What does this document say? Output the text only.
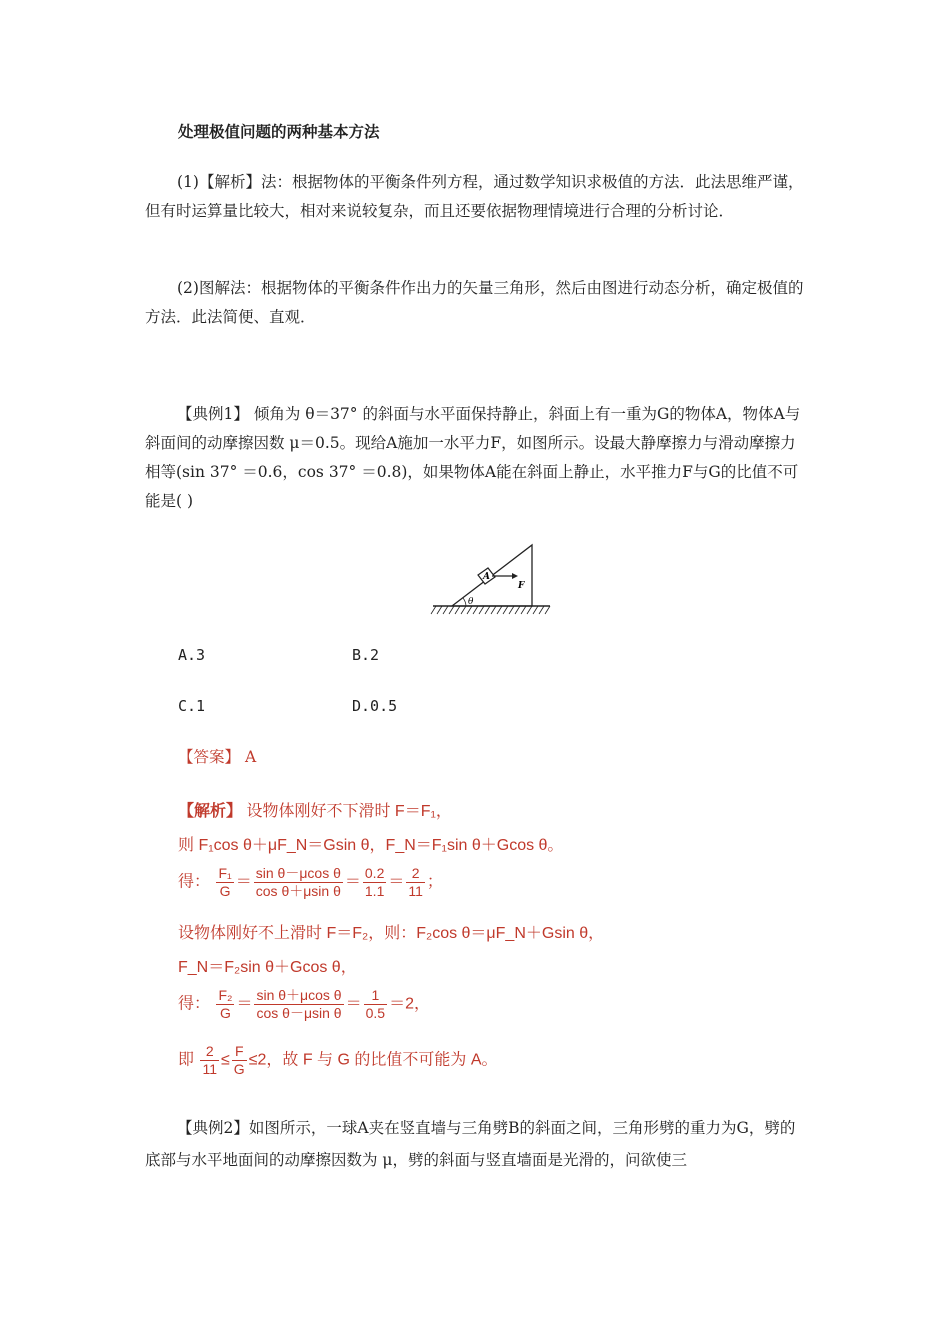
处理极值问题的两种基本方法
(1)【解析】法：根据物体的平衡条件列方程，通过数学知识求极值的方法．此法思维严谨，但有时运算量比较大，相对来说较复杂，而且还要依据物理情境进行合理的分析讨论．
(2)图解法：根据物体的平衡条件作出力的矢量三角形，然后由图进行动态分析，确定极值的方法．此法简便、直观．
【典例1】 倾角为 θ＝37° 的斜面与水平面保持静止，斜面上有一重为G的物体A，物体A与斜面间的动摩擦因数 μ＝0.5。现给A施加一水平力F，如图所示。设最大静摩擦力与滑动摩擦力相等(sin 37° ＝0.6，cos 37° ＝0.8)，如果物体A能在斜面上静止，水平推力F与G的比值不可能是( )
θ
A
F
A.3	B.2
C.1	D.0.5
【答案】 A
【解析】 设物体刚好不下滑时 F＝F₁，
则 F₁cos θ＋μF_N＝Gsin θ，F_N＝F₁sin θ＋Gcos θ。
得： $\frac{\text{F₁}}{G} = \frac{\text{sin θ－μcos θ}}{\text{cos θ＋μsin θ}} = \frac{0.2}{1.1} = \frac{2}{11}$ ；
设物体刚好不上滑时 F＝F₂，则：F₂cos θ＝μF_N＋Gsin θ，
F_N＝F₂sin θ＋Gcos θ，
得： $\frac{\text{F₂}}{G} = \frac{\text{sin θ＋μcos θ}}{\text{cos θ－μsin θ}} = \frac{1}{0.5} =2$，
即 $\frac{2}{11} \le \frac{F}{G} \le 2$，故 F 与 G 的比值不可能为 A。
【典例2】如图所示，一球A夹在竖直墙与三角劈B的斜面之间，三角形劈的重力为G，劈的底部与水平地面间的动摩擦因数为 μ，劈的斜面与竖直墙面是光滑的，问欲使三
